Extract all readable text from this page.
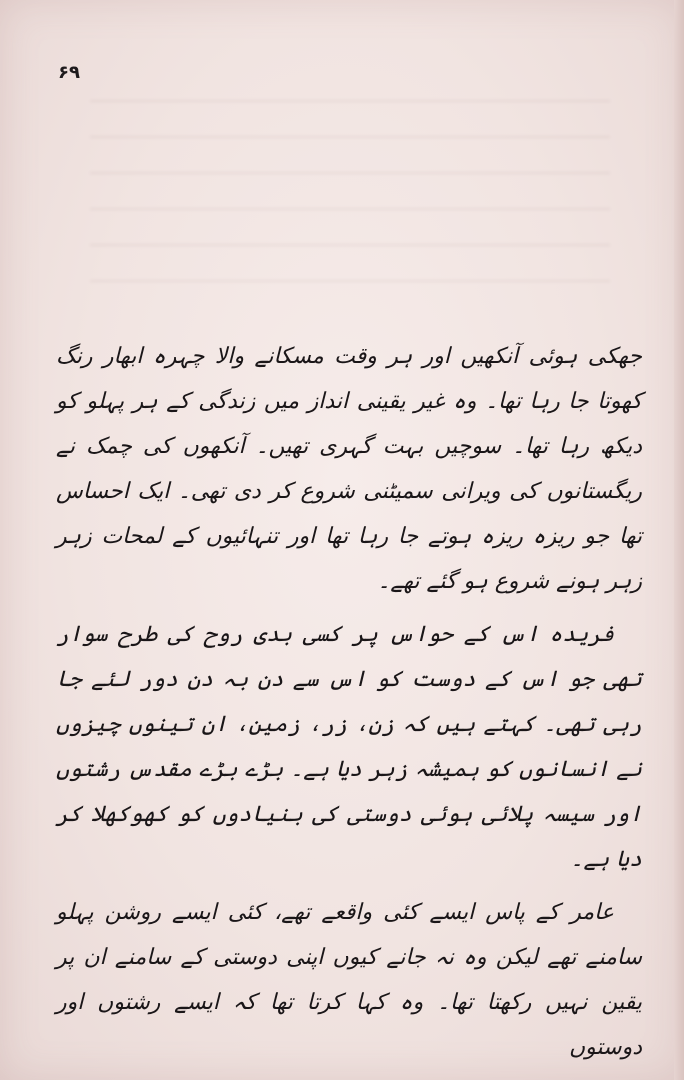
۶۹

جھکی ہوئی آنکھیں اور ہر وقت مسکانے والا چہرہ ابھار رنگ کھوتا جا رہا تھا۔ وہ غیر یقینی انداز میں زندگی کے ہر پہلو کو دیکھ رہا تھا۔ سوچیں بہت گہری تھیں۔ آنکھوں کی چمک نے ریگستانوں کی ویرانی سمیٹنی شروع کر دی تھی۔ ایک احساس تھا جو ریزہ ریزہ ہوتے جا رہا تھا اور تنہائیوں کے لمحات زہر زہر ہونے شروع ہو گئے تھے۔

فریدہ اس کے حواس پر کسی بدی روح کی طرح سوار تھی جو اس کے دوست کو اس سے دن بہ دن دور لئے جا رہی تھی۔ کہتے ہیں کہ زن، زر، زمین، ان تینوں چیزوں نے انسانوں کو ہمیشہ زہر دیا ہے۔ بڑے بڑے مقدس رشتوں اور سیسہ پلائی ہوئی دوستی کی بنیادوں کو کھوکھلا کر دیا ہے۔

عامر کے پاس ایسے کئی واقعے تھے، کئی ایسے روشن پہلو سامنے تھے لیکن وہ نہ جانے کیوں اپنی دوستی کے سامنے ان پر یقین نہیں رکھتا تھا۔ وہ کہا کرتا تھا کہ ایسے رشتوں اور دوستوں
